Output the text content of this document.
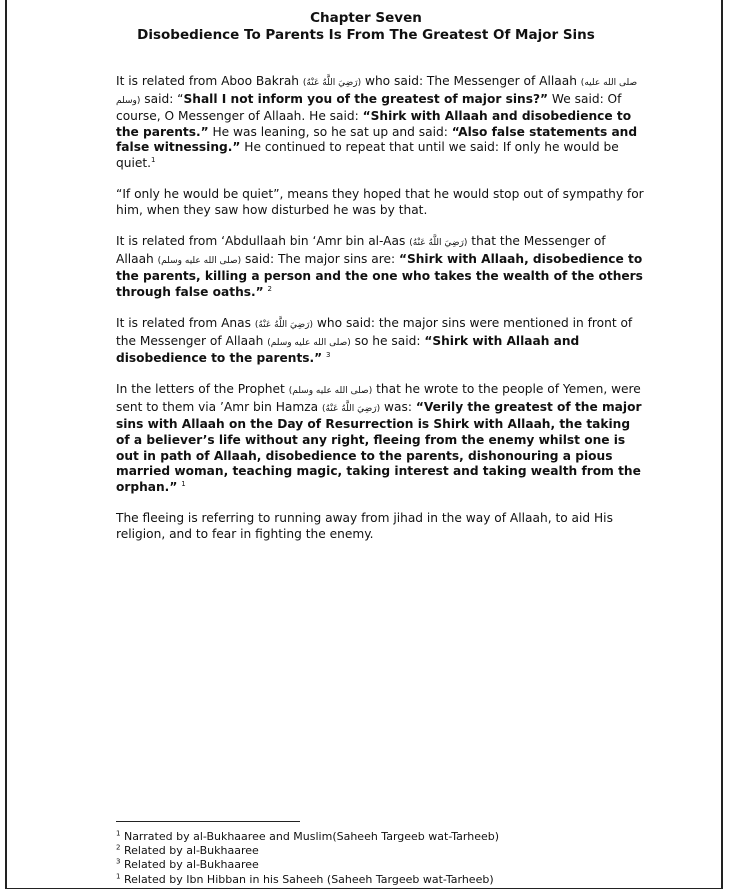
Chapter Seven
Disobedience To Parents Is From The Greatest Of Major Sins

It is related from Aboo Bakrah (رَضِيَ اللَّهُ عَنْهُ) who said: The Messenger of Allaah (صلى الله عليه وسلم) said: “Shall I not inform you of the greatest of major sins?” We said: Of course, O Messenger of Allaah. He said: “Shirk with Allaah and disobedience to the parents.” He was leaning, so he sat up and said: “Also false statements and false witnessing.” He continued to repeat that until we said: If only he would be quiet.$^1$

“If only he would be quiet”, means they hoped that he would stop out of sympathy for him, when they saw how disturbed he was by that.

It is related from ‘Abdullaah bin ‘Amr bin al-Aas (رَضِيَ اللَّهُ عَنْهُ) that the Messenger of Allaah (صلى الله عليه وسلم) said: The major sins are: “Shirk with Allaah, disobedience to the parents, killing a person and the one who takes the wealth of the others through false oaths.” $^2$

It is related from Anas (رَضِيَ اللَّهُ عَنْهُ) who said: the major sins were mentioned in front of the Messenger of Allaah (صلى الله عليه وسلم) so he said: “Shirk with Allaah and disobedience to the parents.” $^3$

In the letters of the Prophet (صلى الله عليه وسلم) that he wrote to the people of Yemen, were sent to them via ’Amr bin Hamza (رَضِيَ اللَّهُ عَنْهُ) was: “Verily the greatest of the major sins with Allaah on the Day of Resurrection is Shirk with Allaah, the taking of a believer’s life without any right, fleeing from the enemy whilst one is out in path of Allaah, disobedience to the parents, dishonouring a pious married woman, teaching magic, taking interest and taking wealth from the orphan.” $^1$

The fleeing is referring to running away from jihad in the way of Allaah, to aid His religion, and to fear in fighting the enemy.

$^1$ Narrated by al-Bukhaaree and Muslim(Saheeh Targeeb wat-Tarheeb)
$^2$ Related by al-Bukhaaree
$^3$ Related by al-Bukhaaree
$^1$ Related by Ibn Hibban in his Saheeh (Saheeh Targeeb wat-Tarheeb)
